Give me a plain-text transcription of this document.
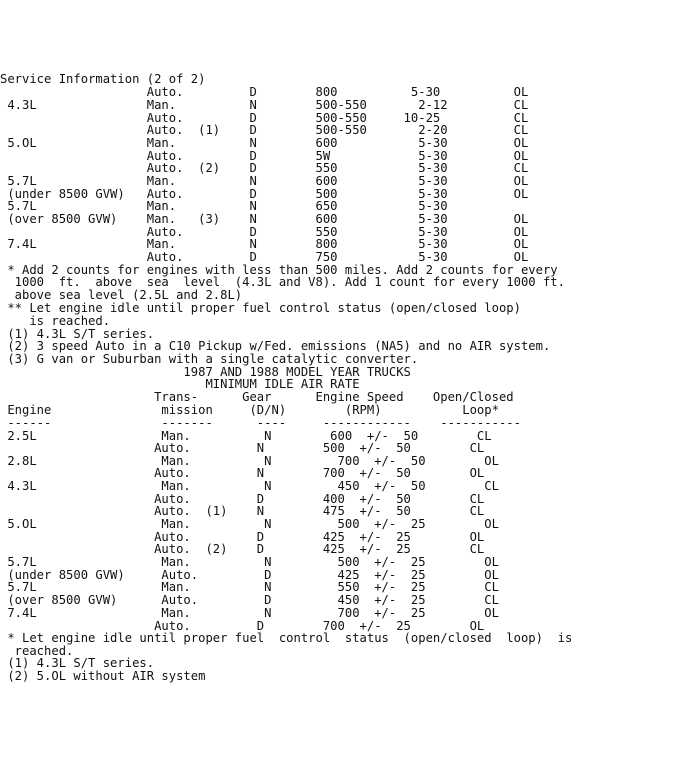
Service Information (2 of 2)
Auto.         D        800          5-30          OL
4.3L               Man.          N        500-550       2-12         CL
Auto.         D        500-550     10-25          CL
Auto.  (1)    D        500-550       2-20         CL
5.OL               Man.          N        600           5-30         OL
Auto.         D        5W            5-30         OL
Auto.  (2)    D        550           5-30         CL
5.7L               Man.          N        600           5-30         OL
(under 8500 GVW)   Auto.         D        500           5-30         OL
5.7L               Man.          N        650           5-30
(over 8500 GVW)    Man.   (3)    N        600           5-30         OL
Auto.         D        550           5-30         OL
7.4L               Man.          N        800           5-30         OL
Auto.         D        750           5-30         OL
* Add 2 counts for engines with less than 500 miles. Add 2 counts for every
1000  ft.  above  sea  level  (4.3L and V8). Add 1 count for every 1000 ft.
above sea level (2.5L and 2.8L)
** Let engine idle until proper fuel control status (open/closed loop)
is reached.
(1) 4.3L S/T series.
(2) 3 speed Auto in a C10 Pickup w/Fed. emissions (NA5) and no AIR system.
(3) G van or Suburban with a single catalytic converter.
1987 AND 1988 MODEL YEAR TRUCKS
MINIMUM IDLE AIR RATE
Trans-      Gear      Engine Speed    Open/Closed
Engine               mission     (D/N)        (RPM)           Loop*
------               -------      ----     ------------    -----------
2.5L                 Man.          N        600  +/-  50        CL
Auto.         N        500  +/-  50        CL
2.8L                 Man.          N         700  +/-  50        OL
Auto.         N        700  +/-  50        OL
4.3L                 Man.          N         450  +/-  50        CL
Auto.         D        400  +/-  50        CL
Auto.  (1)    N        475  +/-  50        CL
5.OL                 Man.          N         500  +/-  25        OL
Auto.         D        425  +/-  25        OL
Auto.  (2)    D        425  +/-  25        CL
5.7L                 Man.          N         500  +/-  25        OL
(under 8500 GVW)     Auto.         D         425  +/-  25        OL
5.7L                 Man.          N         550  +/-  25        CL
(over 8500 GVW)      Auto.         D         450  +/-  25        CL
7.4L                 Man.          N         700  +/-  25        OL
Auto.         D        700  +/-  25        OL
* Let engine idle until proper fuel  control  status  (open/closed  loop)  is
reached.
(1) 4.3L S/T series.
(2) 5.OL without AIR system
